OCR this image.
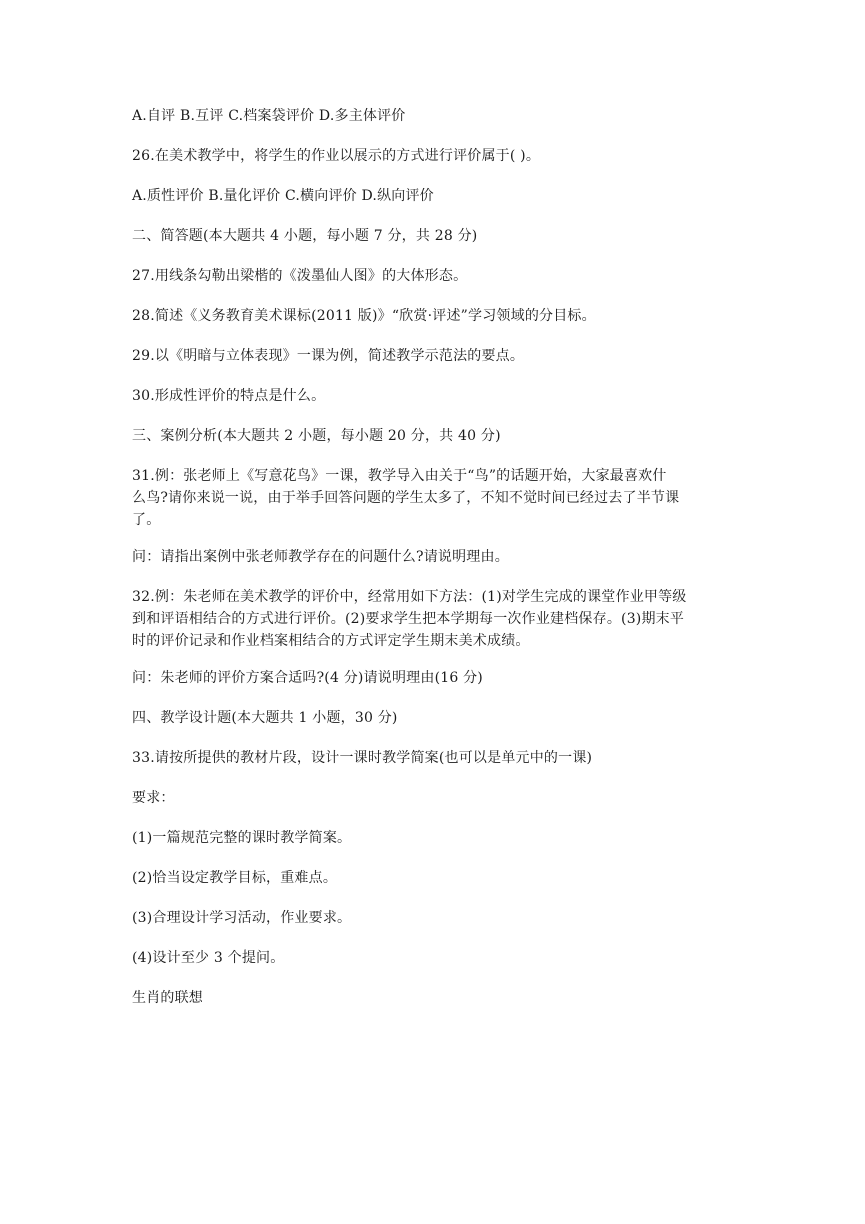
A.自评 B.互评 C.档案袋评价 D.多主体评价
26.在美术教学中，将学生的作业以展示的方式进行评价属于( )。
A.质性评价 B.量化评价 C.横向评价 D.纵向评价
二、简答题(本大题共 4 小题，每小题 7 分，共 28 分)
27.用线条勾勒出梁楷的《泼墨仙人图》的大体形态。
28.简述《义务教育美术课标(2011 版)》“欣赏·评述”学习领域的分目标。
29.以《明暗与立体表现》一课为例，简述教学示范法的要点。
30.形成性评价的特点是什么。
三、案例分析(本大题共 2 小题，每小题 20 分，共 40 分)
31.例：张老师上《写意花鸟》一课，教学导入由关于“鸟”的话题开始，大家最喜欢什
么鸟?请你来说一说，由于举手回答问题的学生太多了，不知不觉时间已经过去了半节课
了。
问：请指出案例中张老师教学存在的问题什么?请说明理由。
32.例：朱老师在美术教学的评价中，经常用如下方法：(1)对学生完成的课堂作业甲等级
到和评语相结合的方式进行评价。(2)要求学生把本学期每一次作业建档保存。(3)期末平
时的评价记录和作业档案相结合的方式评定学生期末美术成绩。
问：朱老师的评价方案合适吗?(4 分)请说明理由(16 分)
四、教学设计题(本大题共 1 小题，30 分)
33.请按所提供的教材片段，设计一课时教学简案(也可以是单元中的一课)
要求：
(1)一篇规范完整的课时教学简案。
(2)恰当设定教学目标，重难点。
(3)合理设计学习活动，作业要求。
(4)设计至少 3 个提问。
生肖的联想
